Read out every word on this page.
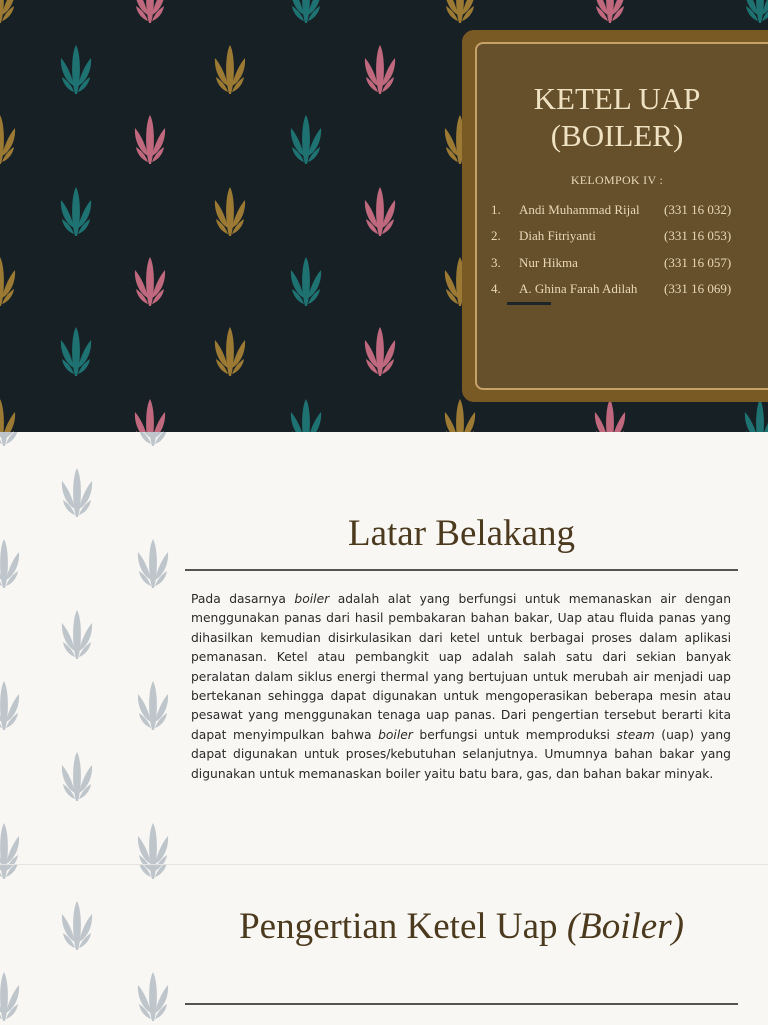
KETEL UAP
(BOILER)
KELOMPOK IV :
1. Andi Muhammad Rijal (331 16 032)
2. Diah Fitriyanti	(331 16 053)
3. Nur Hikma	(331 16 057)
4. A. Ghina Farah Adilah (331 16 069)
Latar Belakang
Pada dasarnya boiler adalah alat yang berfungsi untuk memanaskan air dengan menggunakan panas dari hasil pembakaran bahan bakar, Uap atau fluida panas yang dihasilkan kemudian disirkulasikan dari ketel untuk berbagai proses dalam aplikasi pemanasan. Ketel atau pembangkit uap adalah salah satu dari sekian banyak peralatan dalam siklus energi thermal yang bertujuan untuk merubah air menjadi uap bertekanan sehingga dapat digunakan untuk mengoperasikan beberapa mesin atau pesawat yang menggunakan tenaga uap panas. Dari pengertian tersebut berarti kita dapat menyimpulkan bahwa boiler berfungsi untuk memproduksi steam (uap) yang dapat digunakan untuk proses/kebutuhan selanjutnya. Umumnya bahan bakar yang digunakan untuk memanaskan boiler yaitu batu bara, gas, dan bahan bakar minyak.
Pengertian Ketel Uap (Boiler)
